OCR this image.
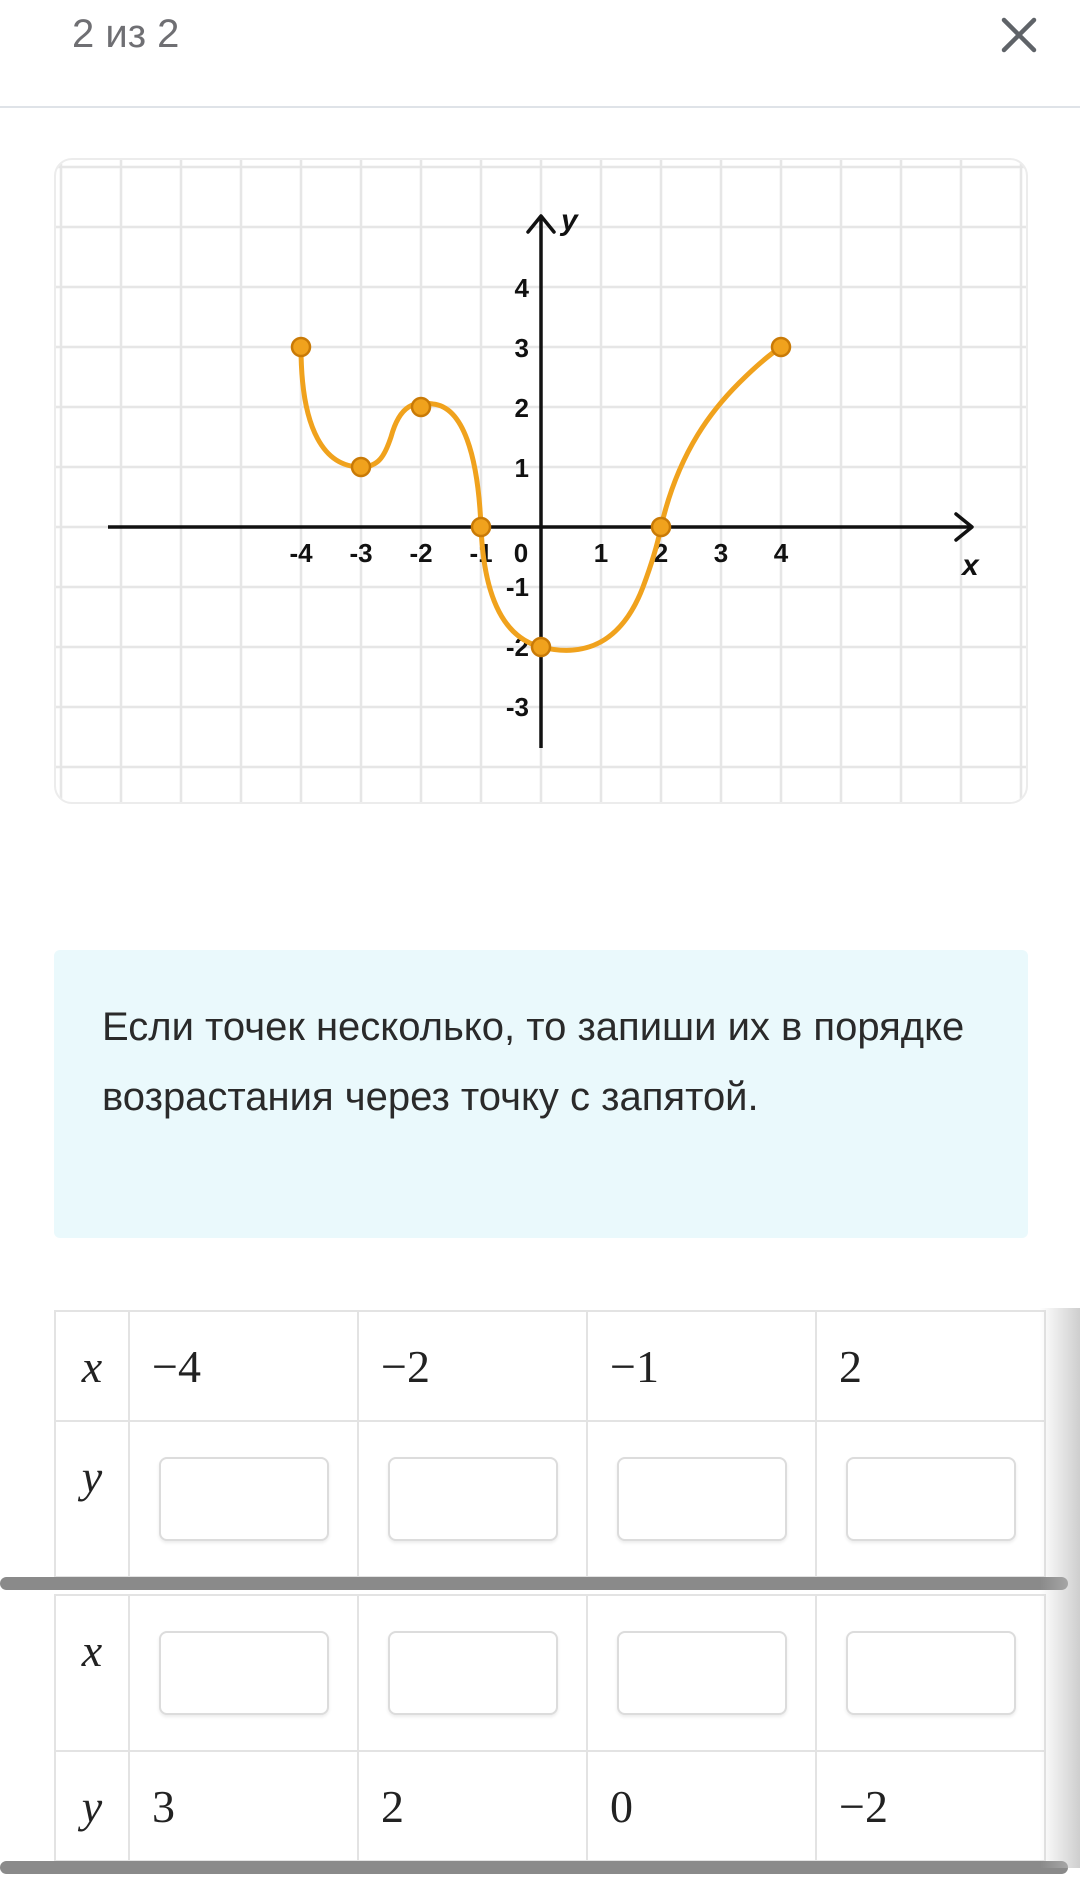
2 из 2
x
y
-4 -3 -2 -1 0	1 2 3 4
1
2
3
4
-1
-2
-3
Если точек несколько, то запиши их в порядке возрастания через точку с запятой.
x	−4	−2	−1	2
y				
x				
y	3	2	0	−2
